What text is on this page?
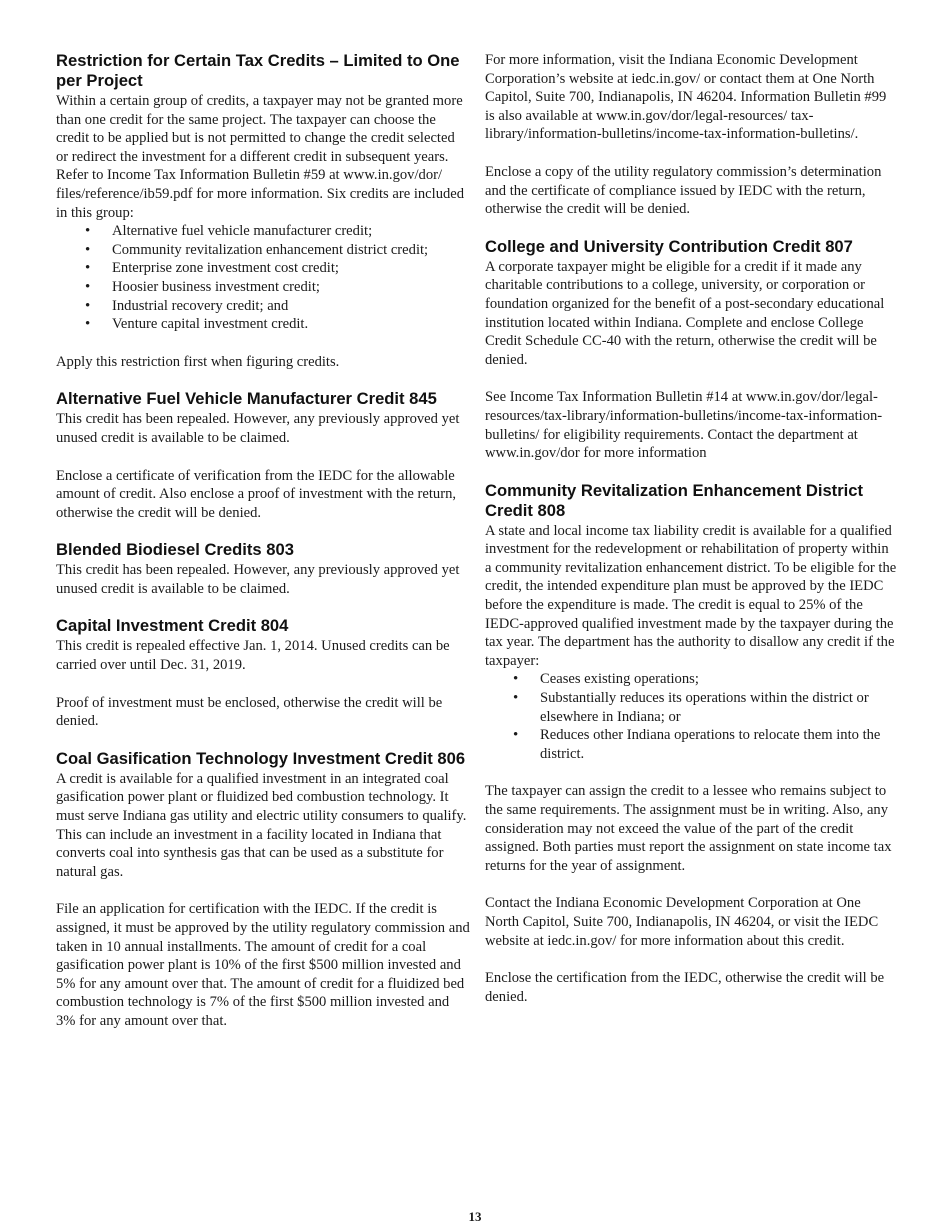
Restriction for Certain Tax Credits – Limited to One per Project

Within a certain group of credits, a taxpayer may not be granted more than one credit for the same project. The taxpayer can choose the credit to be applied but is not permitted to change the credit selected or redirect the investment for a different credit in subsequent years. Refer to Income Tax Information Bulletin #59 at www.in.gov/dor/ files/reference/ib59.pdf for more information. Six credits are included in this group:

• Alternative fuel vehicle manufacturer credit;
• Community revitalization enhancement district credit;
• Enterprise zone investment cost credit;
• Hoosier business investment credit;
• Industrial recovery credit; and
• Venture capital investment credit.

Apply this restriction first when figuring credits.

Alternative Fuel Vehicle Manufacturer Credit 845

This credit has been repealed. However, any previously approved yet unused credit is available to be claimed.

Enclose a certificate of verification from the IEDC for the allowable amount of credit. Also enclose a proof of investment with the return, otherwise the credit will be denied.

Blended Biodiesel Credits 803

This credit has been repealed. However, any previously approved yet unused credit is available to be claimed.

Capital Investment Credit 804

This credit is repealed effective Jan. 1, 2014. Unused credits can be carried over until Dec. 31, 2019.

Proof of investment must be enclosed, otherwise the credit will be denied.

Coal Gasification Technology Investment Credit 806

A credit is available for a qualified investment in an integrated coal gasification power plant or fluidized bed combustion technology. It must serve Indiana gas utility and electric utility consumers to qualify. This can include an investment in a facility located in Indiana that converts coal into synthesis gas that can be used as a substitute for natural gas.

File an application for certification with the IEDC. If the credit is assigned, it must be approved by the utility regulatory commission and taken in 10 annual installments. The amount of credit for a coal gasification power plant is 10% of the first $500 million invested and 5% for any amount over that. The amount of credit for a fluidized bed combustion technology is 7% of the first $500 million invested and 3% for any amount over that.

For more information, visit the Indiana Economic Development Corporation’s website at iedc.in.gov/ or contact them at One North Capitol, Suite 700, Indianapolis, IN 46204. Information Bulletin #99 is also available at www.in.gov/dor/legal-resources/ tax-library/information-bulletins/income-tax-information-bulletins/.

Enclose a copy of the utility regulatory commission’s determination and the certificate of compliance issued by IEDC with the return, otherwise the credit will be denied.

College and University Contribution Credit 807

A corporate taxpayer might be eligible for a credit if it made any charitable contributions to a college, university, or corporation or foundation organized for the benefit of a post-secondary educational institution located within Indiana. Complete and enclose College Credit Schedule CC-40 with the return, otherwise the credit will be denied.

See Income Tax Information Bulletin #14 at www.in.gov/dor/legal-resources/tax-library/information-bulletins/income-tax-information-bulletins/ for eligibility requirements. Contact the department at www.in.gov/dor for more information

Community Revitalization Enhancement District Credit 808

A state and local income tax liability credit is available for a qualified investment for the redevelopment or rehabilitation of property within a community revitalization enhancement district. To be eligible for the credit, the intended expenditure plan must be approved by the IEDC before the expenditure is made. The credit is equal to 25% of the IEDC-approved qualified investment made by the taxpayer during the tax year. The department has the authority to disallow any credit if the taxpayer:

• Ceases existing operations;
• Substantially reduces its operations within the district or elsewhere in Indiana; or
• Reduces other Indiana operations to relocate them into the district.

The taxpayer can assign the credit to a lessee who remains subject to the same requirements. The assignment must be in writing. Also, any consideration may not exceed the value of the part of the credit assigned. Both parties must report the assignment on state income tax returns for the year of assignment.

Contact the Indiana Economic Development Corporation at One North Capitol, Suite 700, Indianapolis, IN 46204, or visit the IEDC website at iedc.in.gov/ for more information about this credit.

Enclose the certification from the IEDC, otherwise the credit will be denied.

13
